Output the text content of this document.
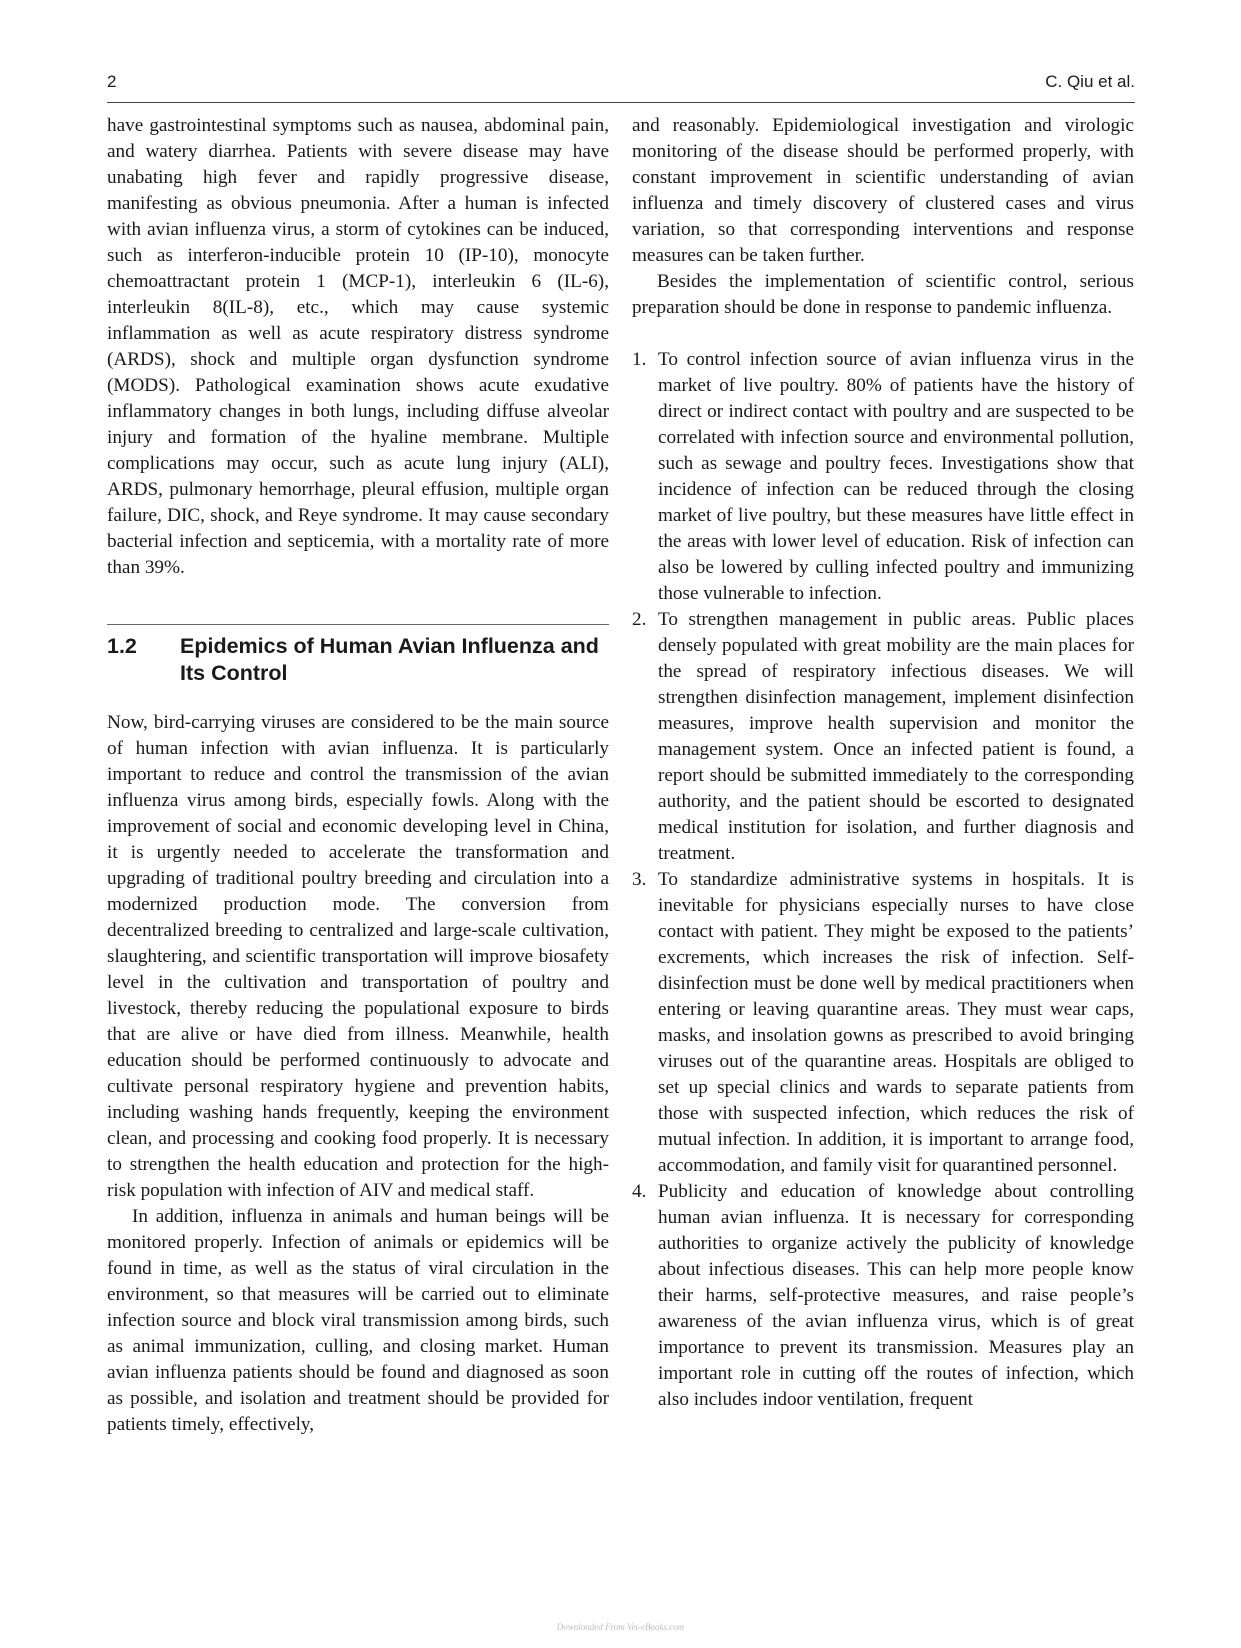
2	C. Qiu et al.

have gastrointestinal symptoms such as nausea, abdominal pain, and watery diarrhea. Patients with severe disease may have unabating high fever and rapidly progressive disease, manifesting as obvious pneumonia. After a human is infected with avian influenza virus, a storm of cytokines can be induced, such as interferon-inducible protein 10 (IP-10), monocyte chemoattractant protein 1 (MCP-1), interleukin 6 (IL-6), interleukin 8(IL-8), etc., which may cause systemic inflammation as well as acute respiratory distress syndrome (ARDS), shock and multiple organ dysfunction syndrome (MODS). Pathological examination shows acute exudative inflammatory changes in both lungs, including diffuse alveolar injury and formation of the hyaline membrane. Multiple complications may occur, such as acute lung injury (ALI), ARDS, pulmonary hemorrhage, pleural effusion, multiple organ failure, DIC, shock, and Reye syndrome. It may cause secondary bacterial infection and septicemia, with a mortality rate of more than 39%.

1.2 Epidemics of Human Avian Influenza and Its Control

Now, bird-carrying viruses are considered to be the main source of human infection with avian influenza. It is particularly important to reduce and control the transmission of the avian influenza virus among birds, especially fowls. Along with the improvement of social and economic developing level in China, it is urgently needed to accelerate the transformation and upgrading of traditional poultry breeding and circulation into a modernized production mode. The conversion from decentralized breeding to centralized and large-scale cultivation, slaughtering, and scientific transportation will improve biosafety level in the cultivation and transportation of poultry and livestock, thereby reducing the populational exposure to birds that are alive or have died from illness. Meanwhile, health education should be performed continuously to advocate and cultivate personal respiratory hygiene and prevention habits, including washing hands frequently, keeping the environment clean, and processing and cooking food properly. It is necessary to strengthen the health education and protection for the high-risk population with infection of AIV and medical staff.

In addition, influenza in animals and human beings will be monitored properly. Infection of animals or epidemics will be found in time, as well as the status of viral circulation in the environment, so that measures will be carried out to eliminate infection source and block viral transmission among birds, such as animal immunization, culling, and closing market. Human avian influenza patients should be found and diagnosed as soon as possible, and isolation and treatment should be provided for patients timely, effectively,

and reasonably. Epidemiological investigation and virologic monitoring of the disease should be performed properly, with constant improvement in scientific understanding of avian influenza and timely discovery of clustered cases and virus variation, so that corresponding interventions and response measures can be taken further.

Besides the implementation of scientific control, serious preparation should be done in response to pandemic influenza.

1. To control infection source of avian influenza virus in the market of live poultry. 80% of patients have the history of direct or indirect contact with poultry and are suspected to be correlated with infection source and environmental pollution, such as sewage and poultry feces. Investigations show that incidence of infection can be reduced through the closing market of live poultry, but these measures have little effect in the areas with lower level of education. Risk of infection can also be lowered by culling infected poultry and immunizing those vulnerable to infection.
2. To strengthen management in public areas. Public places densely populated with great mobility are the main places for the spread of respiratory infectious diseases. We will strengthen disinfection management, implement disinfection measures, improve health supervision and monitor the management system. Once an infected patient is found, a report should be submitted immediately to the corresponding authority, and the patient should be escorted to designated medical institution for isolation, and further diagnosis and treatment.
3. To standardize administrative systems in hospitals. It is inevitable for physicians especially nurses to have close contact with patient. They might be exposed to the patients’ excrements, which increases the risk of infection. Self-disinfection must be done well by medical practitioners when entering or leaving quarantine areas. They must wear caps, masks, and insolation gowns as prescribed to avoid bringing viruses out of the quarantine areas. Hospitals are obliged to set up special clinics and wards to separate patients from those with suspected infection, which reduces the risk of mutual infection. In addition, it is important to arrange food, accommodation, and family visit for quarantined personnel.
4. Publicity and education of knowledge about controlling human avian influenza. It is necessary for corresponding authorities to organize actively the publicity of knowledge about infectious diseases. This can help more people know their harms, self-protective measures, and raise people’s awareness of the avian influenza virus, which is of great importance to prevent its transmission. Measures play an important role in cutting off the routes of infection, which also includes indoor ventilation, frequent
Downloaded From Vet-eBooks.com
